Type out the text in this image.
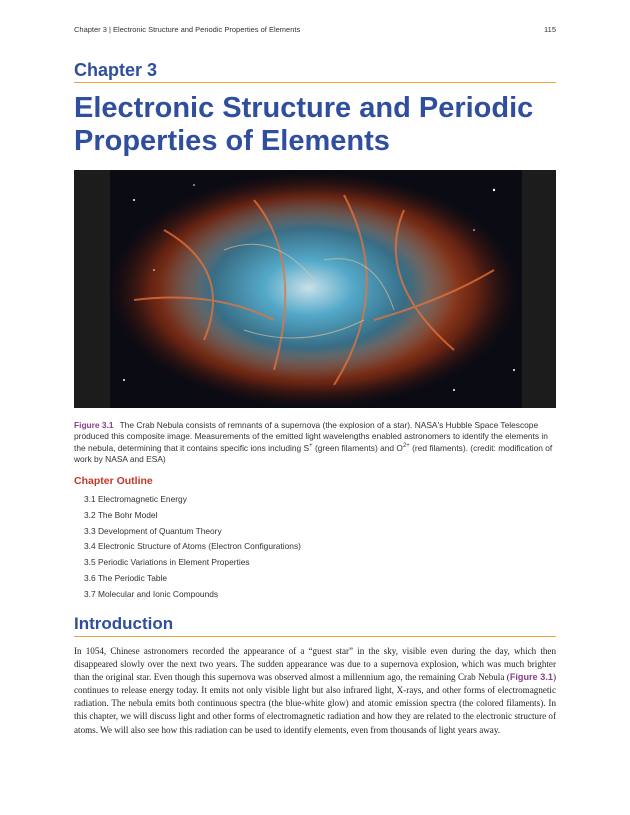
Chapter 3 | Electronic Structure and Periodic Properties of Elements	115
Chapter 3
Electronic Structure and Periodic Properties of Elements

Figure 3.1 The Crab Nebula consists of remnants of a supernova (the explosion of a star). NASA's Hubble Space Telescope produced this composite image. Measurements of the emitted light wavelengths enabled astronomers to identify the elements in the nebula, determining that it contains specific ions including S+ (green filaments) and $O^{2+}$ (red filaments). (credit: modification of work by NASA and ESA)

Chapter Outline
3.1 Electromagnetic Energy
3.2 The Bohr Model
3.3 Development of Quantum Theory
3.4 Electronic Structure of Atoms (Electron Configurations)
3.5 Periodic Variations in Element Properties
3.6 The Periodic Table
3.7 Molecular and Ionic Compounds
Introduction

In 1054, Chinese astronomers recorded the appearance of a “guest star” in the sky, visible even during the day, which then disappeared slowly over the next two years. The sudden appearance was due to a supernova explosion, which was much brighter than the original star. Even though this supernova was observed almost a millennium ago, the remaining Crab Nebula (Figure 3.1) continues to release energy today. It emits not only visible light but also infrared light, X-rays, and other forms of electromagnetic radiation. The nebula emits both continuous spectra (the blue-white glow) and atomic emission spectra (the colored filaments). In this chapter, we will discuss light and other forms of electromagnetic radiation and how they are related to the electronic structure of atoms. We will also see how this radiation can be used to identify elements, even from thousands of light years away.
